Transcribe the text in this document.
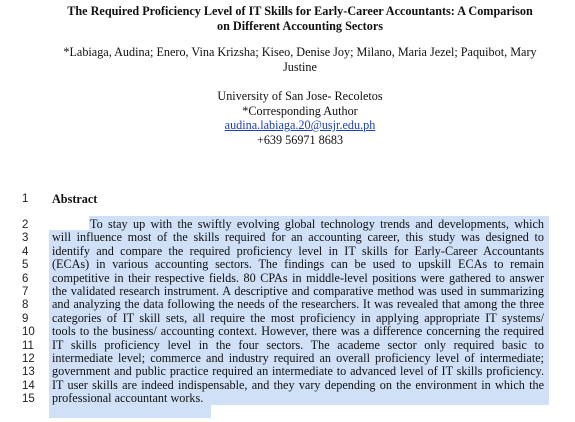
The Required Proficiency Level of IT Skills for Early-Career Accountants: A Comparison
on Different Accounting Sectors
*Labiaga, Audina; Enero, Vina Krizsha; Kiseo, Denise Joy; Milano, Maria Jezel; Paquibot, Mary
Justine
University of San Jose- Recoletos
*Corresponding Author
audina.labiaga.20@usjr.edu.ph
+639 56971 8683
1
2
3
4
5
6
7
8
9
10
11
12
13
14
15
Abstract
To stay up with the swiftly evolving global technology trends and developments, which
will influence most of the skills required for an accounting career, this study was designed to
identify and compare the required proficiency level in IT skills for Early-Career Accountants
(ECAs) in various accounting sectors. The findings can be used to upskill ECAs to remain
competitive in their respective fields. 80 CPAs in middle-level positions were gathered to answer
the validated research instrument. A descriptive and comparative method was used in summarizing
and analyzing the data following the needs of the researchers. It was revealed that among the three
categories of IT skill sets, all require the most proficiency in applying appropriate IT systems/
tools to the business/ accounting context. However, there was a difference concerning the required
IT skills proficiency level in the four sectors. The academe sector only required basic to
intermediate level; commerce and industry required an overall proficiency level of intermediate;
government and public practice required an intermediate to advanced level of IT skills proficiency.
IT user skills are indeed indispensable, and they vary depending on the environment in which the
professional accountant works.
